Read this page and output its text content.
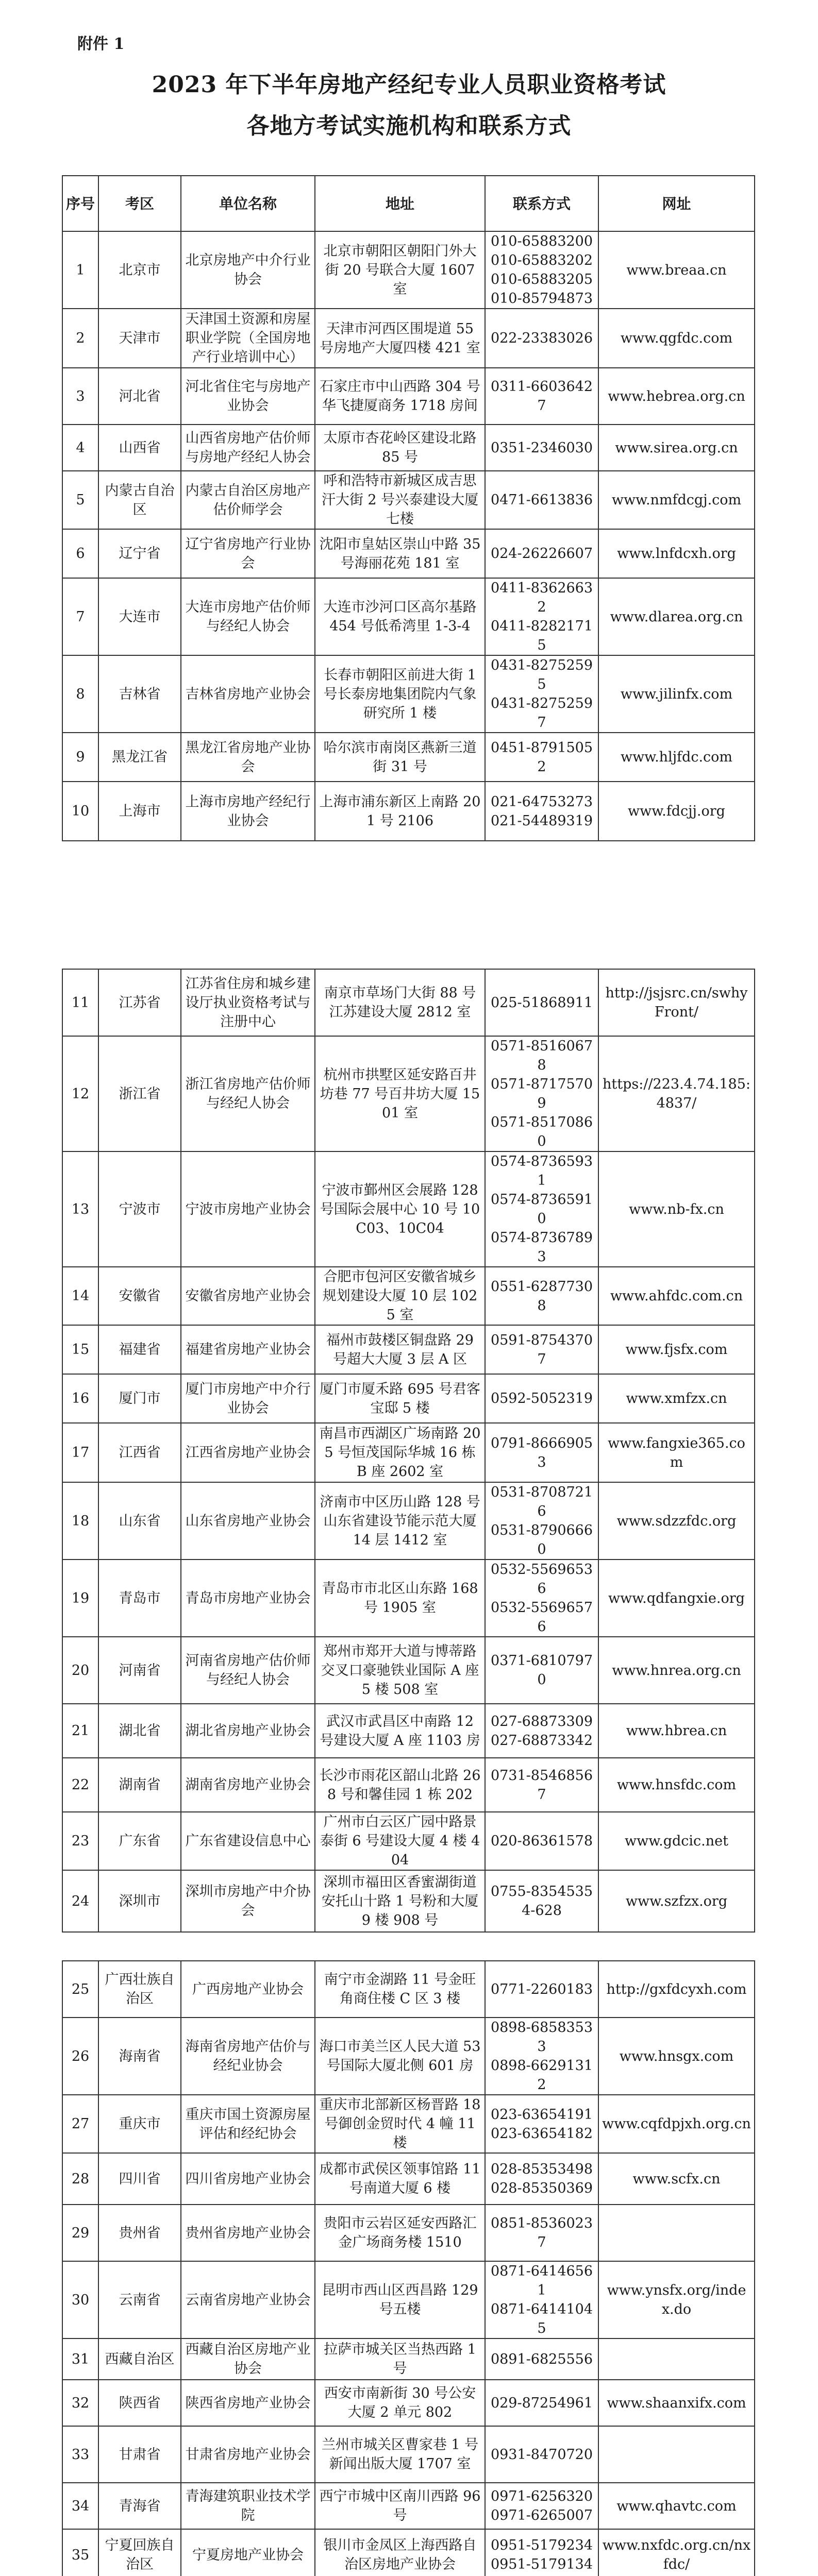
附件 1
2023 年下半年房地产经纪专业人员职业资格考试
各地方考试实施机构和联系方式
序号	考区	单位名称	地址	联系方式	网址
1	北京市	北京房地产中介行业协会	北京市朝阳区朝阳门外大街 20 号联合大厦 1607 室	010-65883200
010-65883202
010-65883205
010-85794873	www.breaa.cn
2	天津市	天津国土资源和房屋职业学院（全国房地产行业培训中心）	天津市河西区围堤道 55 号房地产大厦四楼 421 室	022-23383026	www.qgfdc.com
3	河北省	河北省住宅与房地产业协会	石家庄市中山西路 304 号华飞捷厦商务 1718 房间	0311-66036427	www.hebrea.org.cn
4	山西省	山西省房地产估价师与房地产经纪人协会	太原市杏花岭区建设北路 85 号	0351-2346030	www.sirea.org.cn
5	内蒙古自治区	内蒙古自治区房地产估价师学会	呼和浩特市新城区成吉思汗大街 2 号兴泰建设大厦七楼	0471-6613836	www.nmfdcgj.com
6	辽宁省	辽宁省房地产行业协会	沈阳市皇姑区崇山中路 35 号海丽花苑 181 室	024-26226607	www.lnfdcxh.org
7	大连市	大连市房地产估价师与经纪人协会	大连市沙河口区高尔基路 454 号低希湾里 1-3-4	0411-83626632
0411-82821715	www.dlarea.org.cn
8	吉林省	吉林省房地产业协会	长春市朝阳区前进大街 1 号长泰房地集团院内气象研究所 1 楼	0431-82752595
0431-82752597	www.jilinfx.com
9	黑龙江省	黑龙江省房地产业协会	哈尔滨市南岗区燕新三道街 31 号	0451-87915052	www.hljfdc.com
10	上海市	上海市房地产经纪行业协会	上海市浦东新区上南路 201 号 2106	021-64753273
021-54489319	www.fdcjj.org
11	江苏省	江苏省住房和城乡建设厅执业资格考试与注册中心	南京市草场门大街 88 号江苏建设大厦 2812 室	025-51868911	http://jsjsrc.cn/swhyFront/
12	浙江省	浙江省房地产估价师与经纪人协会	杭州市拱墅区延安路百井坊巷 77 号百井坊大厦 1501 室	0571-85160678
0571-87175709
0571-85170860	https://223.4.74.185:4837/
13	宁波市	宁波市房地产业协会	宁波市鄞州区会展路 128 号国际会展中心 10 号 10C03、10C04	0574-87365931
0574-87365910
0574-87367893	www.nb-fx.cn
14	安徽省	安徽省房地产业协会	合肥市包河区安徽省城乡规划建设大厦 10 层 1025 室	0551-62877308	www.ahfdc.com.cn
15	福建省	福建省房地产业协会	福州市鼓楼区铜盘路 29 号超大大厦 3 层 A 区	0591-87543707	www.fjsfx.com
16	厦门市	厦门市房地产中介行业协会	厦门市厦禾路 695 号君客宝邸 5 楼	0592-5052319	www.xmfzx.cn
17	江西省	江西省房地产业协会	南昌市西湖区广场南路 205 号恒茂国际华城 16 栋 B 座 2602 室	0791-86669053	www.fangxie365.com
18	山东省	山东省房地产业协会	济南市中区历山路 128 号山东省建设节能示范大厦 14 层 1412 室	0531-87087216
0531-87906660	www.sdzzfdc.org
19	青岛市	青岛市房地产业协会	青岛市市北区山东路 168 号 1905 室	0532-55696536
0532-55696576	www.qdfangxie.org
20	河南省	河南省房地产估价师与经纪人协会	郑州市郑开大道与博蒂路交叉口豪驰铁业国际 A 座 5 楼 508 室	0371-68107970	www.hnrea.org.cn
21	湖北省	湖北省房地产业协会	武汉市武昌区中南路 12 号建设大厦 A 座 1103 房	027-68873309
027-68873342	www.hbrea.cn
22	湖南省	湖南省房地产业协会	长沙市雨花区韶山北路 268 号和馨佳园 1 栋 202	0731-85468567	www.hnsfdc.com
23	广东省	广东省建设信息中心	广州市白云区广园中路景泰街 6 号建设大厦 4 楼 404	020-86361578	www.gdcic.net
24	深圳市	深圳市房地产中介协会	深圳市福田区香蜜湖街道安托山十路 1 号粉和大厦 9 楼 908 号	0755-83545354-628	www.szfzx.org
25	广西壮族自治区	广西房地产业协会	南宁市金湖路 11 号金旺角商住楼 C 区 3 楼	0771-2260183	http://gxfdcyxh.com
26	海南省	海南省房地产估价与经纪业协会	海口市美兰区人民大道 53 号国际大厦北侧 601 房	0898-68583533
0898-66291312	www.hnsgx.com
27	重庆市	重庆市国土资源房屋评估和经纪协会	重庆市北部新区杨晋路 18 号御创金贸时代 4 幢 11 楼	023-63654191
023-63654182	www.cqfdpjxh.org.cn
28	四川省	四川省房地产业协会	成都市武侯区领事馆路 11 号南道大厦 6 楼	028-85353498
028-85350369	www.scfx.cn
29	贵州省	贵州省房地产业协会	贵阳市云岩区延安西路汇金广场商务楼 1510	0851-85360237	
30	云南省	云南省房地产业协会	昆明市西山区西昌路 129 号五楼	0871-64146561
0871-64141045	www.ynsfx.org/index.do
31	西藏自治区	西藏自治区房地产业协会	拉萨市城关区当热西路 1 号	0891-6825556	
32	陕西省	陕西省房地产业协会	西安市南新街 30 号公安大厦 2 单元 802	029-87254961	www.shaanxifx.com
33	甘肃省	甘肃省房地产业协会	兰州市城关区曹家巷 1 号新闻出版大厦 1707 室	0931-8470720	
34	青海省	青海建筑职业技术学院	西宁市城中区南川西路 96 号	0971-6256320
0971-6265007	www.qhavtc.com
35	宁夏回族自治区	宁夏房地产业协会	银川市金凤区上海西路自治区房地产业协会	0951-5179234
0951-5179134	www.nxfdc.org.cn/nxfdc/
